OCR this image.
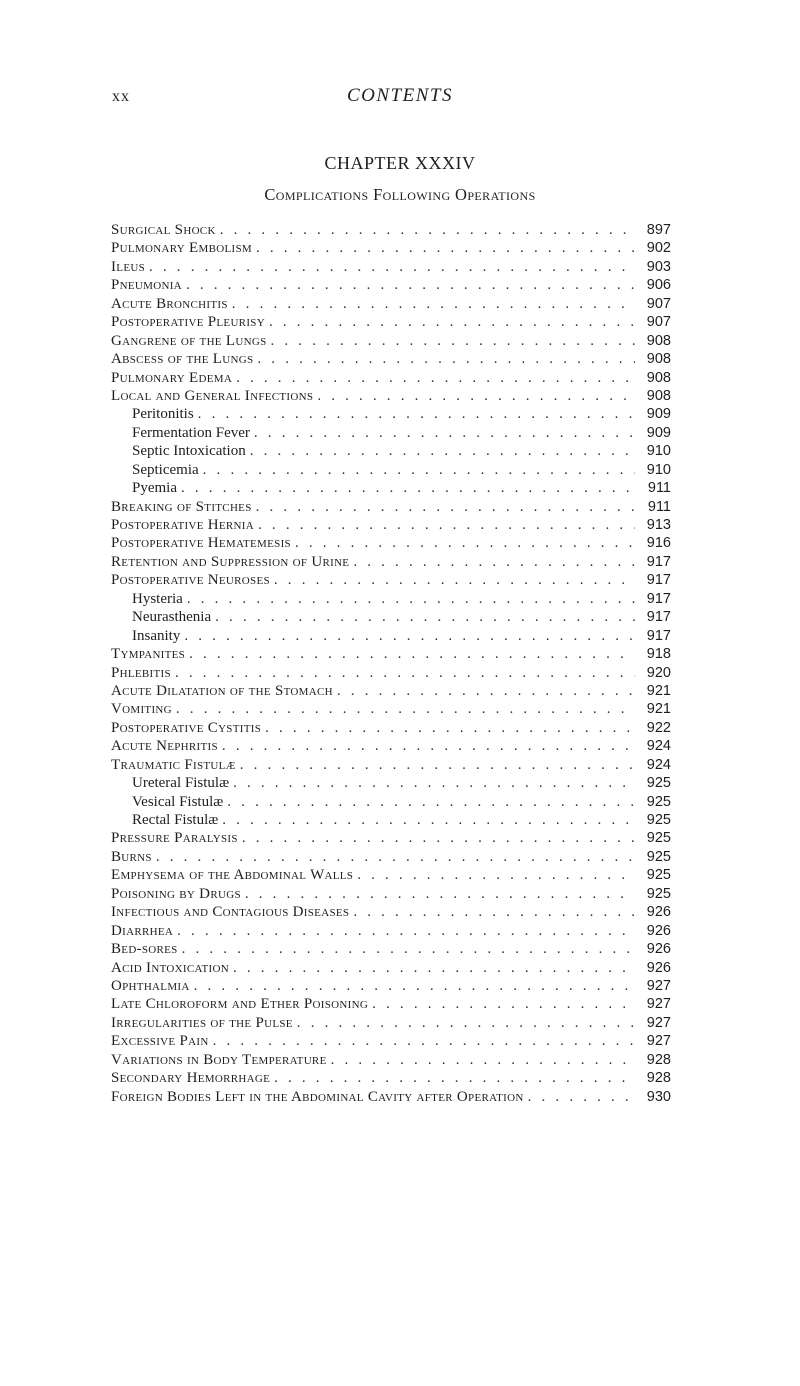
xx	CONTENTS
CHAPTER XXXIV
Complications Following Operations
Surgical Shock . . .	897
Pulmonary Embolism . . .	902
Ileus . . .	903
Pneumonia . . .	906
Acute Bronchitis . . .	907
Postoperative Pleurisy . . .	907
Gangrene of the Lungs . . .	908
Abscess of the Lungs . . .	908
Pulmonary Edema . . .	908
Local and General Infections . . .	908
Peritonitis . . .	909
Fermentation Fever . . .	909
Septic Intoxication . . .	910
Septicemia . . .	910
Pyemia . . .	911
Breaking of Stitches . . .	911
Postoperative Hernia . . .	913
Postoperative Hematemesis . . .	916
Retention and Suppression of Urine . . .	917
Postoperative Neuroses . . .	917
Hysteria . . .	917
Neurasthenia . . .	917
Insanity . . .	917
Tympanites . . .	918
Phlebitis . . .	920
Acute Dilatation of the Stomach . . .	921
Vomiting . . .	921
Postoperative Cystitis . . .	922
Acute Nephritis . . .	924
Traumatic Fistulæ . . .	924
Ureteral Fistulæ . . .	925
Vesical Fistulæ . . .	925
Rectal Fistulæ . . .	925
Pressure Paralysis . . .	925
Burns . . .	925
Emphysema of the Abdominal Walls . . .	925
Poisoning by Drugs . . .	925
Infectious and Contagious Diseases . . .	926
Diarrhea . . .	926
Bed-sores . . .	926
Acid Intoxication . . .	926
Ophthalmia . . .	927
Late Chloroform and Ether Poisoning . . .	927
Irregularities of the Pulse . . .	927
Excessive Pain . . .	927
Variations in Body Temperature . . .	928
Secondary Hemorrhage . . .	928
Foreign Bodies Left in the Abdominal Cavity after Operation . . .	930
